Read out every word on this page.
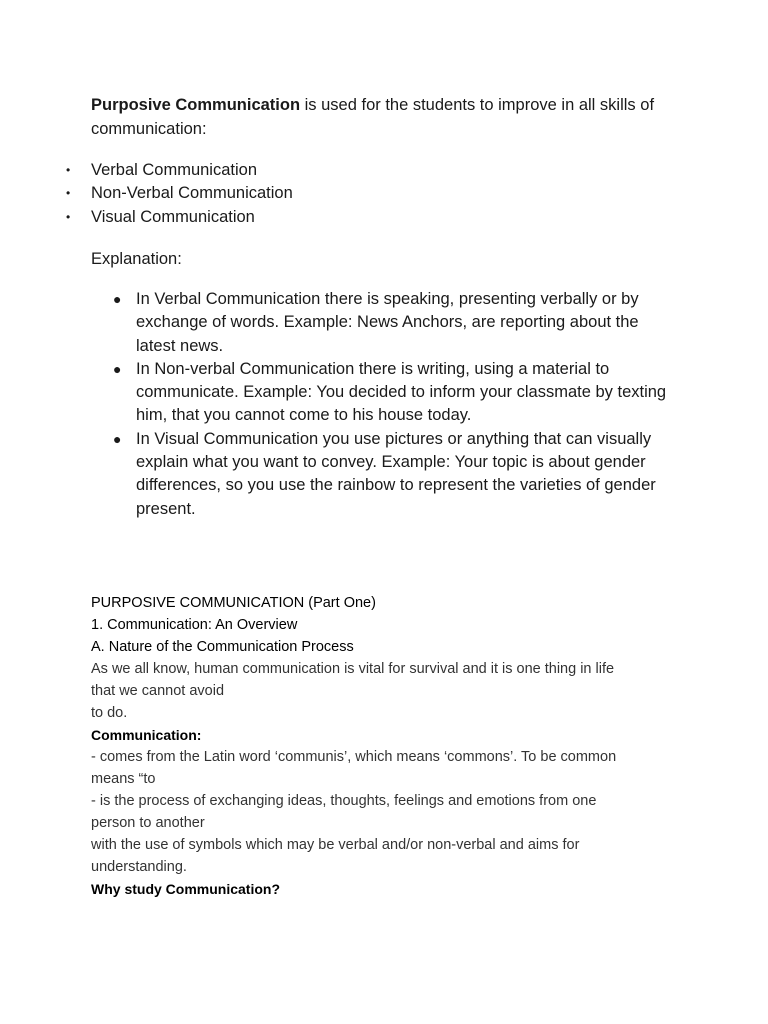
Purposive Communication is used for the students to improve in all skills of communication:

• Verbal Communication
• Non-Verbal Communication
• Visual Communication

Explanation:

● In Verbal Communication there is speaking, presenting verbally or by exchange of words. Example: News Anchors, are reporting about the latest news.
● In Non-verbal Communication there is writing, using a material to communicate. Example: You decided to inform your classmate by texting him, that you cannot come to his house today.
● In Visual Communication you use pictures or anything that can visually explain what you want to convey. Example: Your topic is about gender differences, so you use the rainbow to represent the varieties of gender present.

PURPOSIVE COMMUNICATION (Part One)

1. Communication: An Overview

A. Nature of the Communication Process

As we all know, human communication is vital for survival and it is one thing in life

that we cannot avoid

to do.

Communication:

- comes from the Latin word ‘communis’, which means ‘commons’. To be common

means “to

- is the process of exchanging ideas, thoughts, feelings and emotions from one

person to another

with the use of symbols which may be verbal and/or non-verbal and aims for

understanding.

Why study Communication?
